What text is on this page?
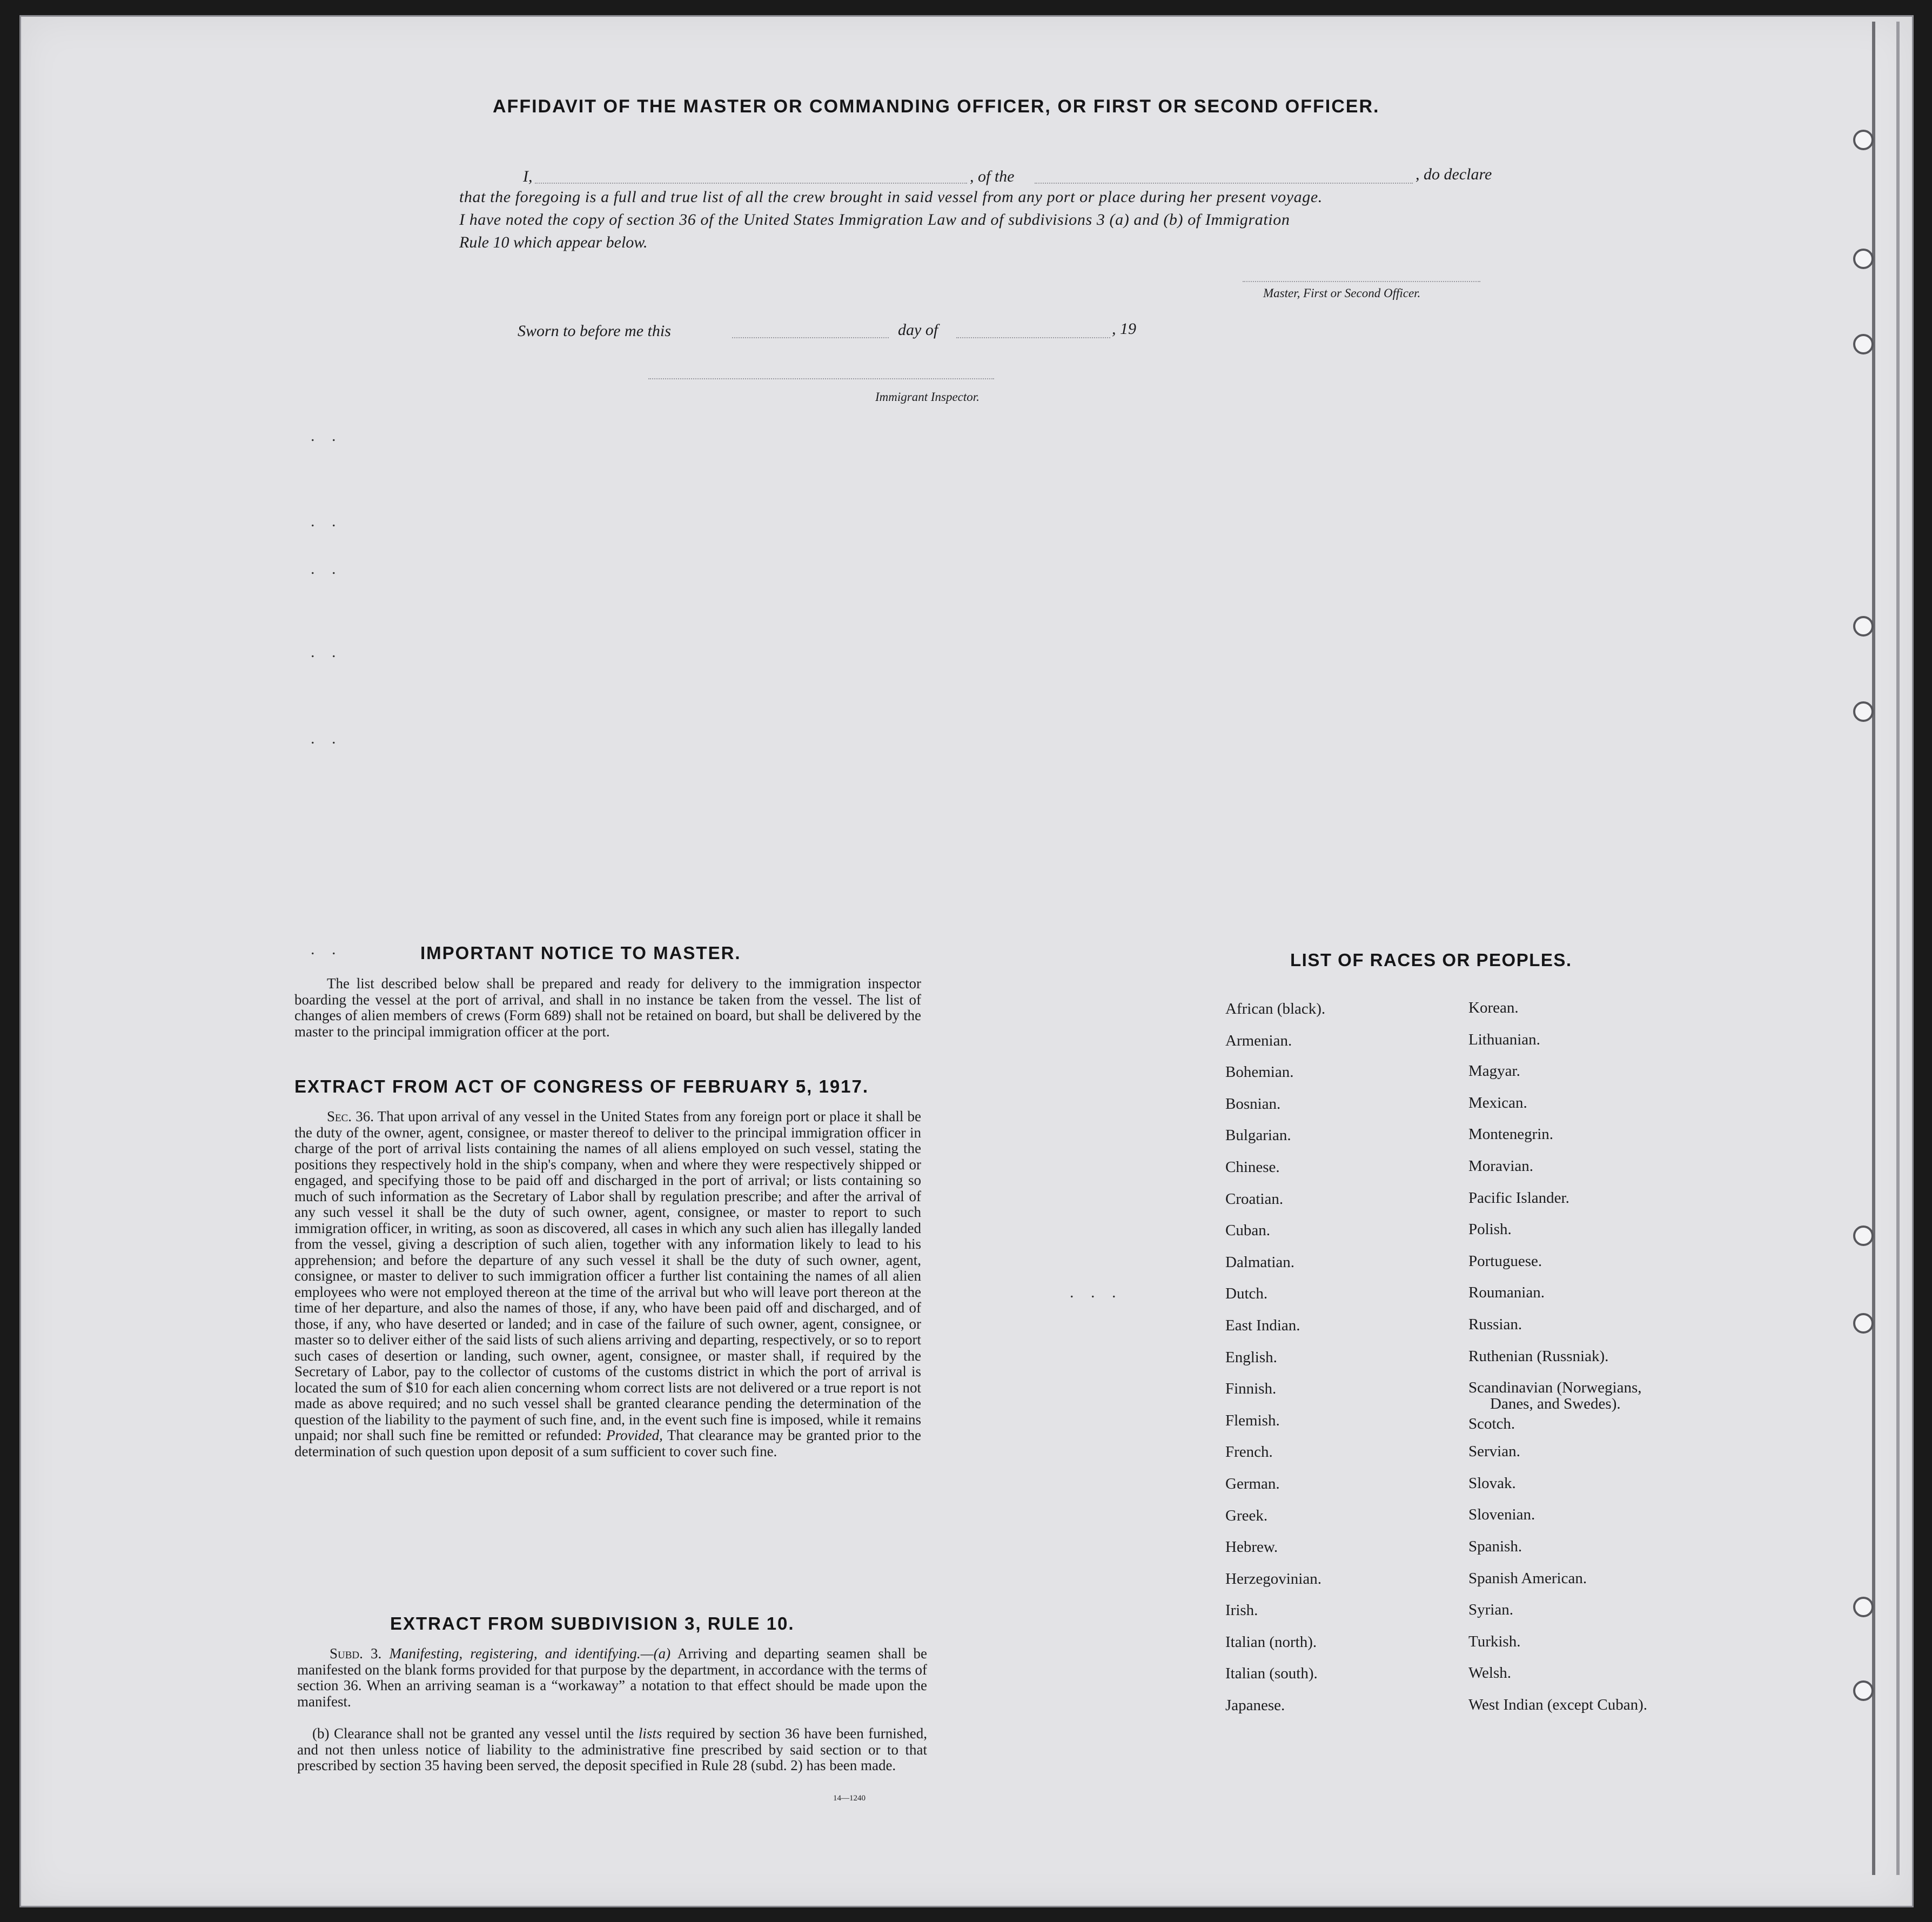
AFFIDAVIT OF THE MASTER OR COMMANDING OFFICER, OR FIRST OR SECOND OFFICER.
I,	, of the	, do declare
that the foregoing is a full and true list of all the crew brought in said vessel from any port or place during her present voyage.
I have noted the copy of section 36 of the United States Immigration Law and of subdivisions 3 (a) and (b) of Immigration
Rule 10 which appear below.
Master, First or Second Officer.
Sworn to before me this	day of	, 19
Immigrant Inspector.
. .
. .
. .
. .
. .
. .
. . .
IMPORTANT NOTICE TO MASTER.
The list described below shall be prepared and ready for delivery to the immigration inspector boarding the vessel at the port of arrival, and shall in no instance be taken from the vessel. The list of changes of alien members of crews (Form 689) shall not be retained on board, but shall be delivered by the master to the principal immigration officer at the port.
EXTRACT FROM ACT OF CONGRESS OF FEBRUARY 5, 1917.
Sec. 36. That upon arrival of any vessel in the United States from any foreign port or place it shall be the duty of the owner, agent, consignee, or master thereof to deliver to the principal immigration officer in charge of the port of arrival lists containing the names of all aliens employed on such vessel, stating the positions they respectively hold in the ship's company, when and where they were respectively shipped or engaged, and specifying those to be paid off and discharged in the port of arrival; or lists containing so much of such information as the Secretary of Labor shall by regulation prescribe; and after the arrival of any such vessel it shall be the duty of such owner, agent, consignee, or master to report to such immigration officer, in writing, as soon as discovered, all cases in which any such alien has illegally landed from the vessel, giving a description of such alien, together with any information likely to lead to his apprehension; and before the departure of any such vessel it shall be the duty of such owner, agent, consignee, or master to deliver to such immigration officer a further list containing the names of all alien employees who were not employed thereon at the time of the arrival but who will leave port thereon at the time of her departure, and also the names of those, if any, who have been paid off and discharged, and of those, if any, who have deserted or landed; and in case of the failure of such owner, agent, consignee, or master so to deliver either of the said lists of such aliens arriving and departing, respectively, or so to report such cases of desertion or landing, such owner, agent, consignee, or master shall, if required by the Secretary of Labor, pay to the collector of customs of the customs district in which the port of arrival is located the sum of $10 for each alien concerning whom correct lists are not delivered or a true report is not made as above required; and no such vessel shall be granted clearance pending the determination of the question of the liability to the payment of such fine, and, in the event such fine is imposed, while it remains unpaid; nor shall such fine be remitted or refunded: Provided, That clearance may be granted prior to the determination of such question upon deposit of a sum sufficient to cover such fine.
EXTRACT FROM SUBDIVISION 3, RULE 10.
Subd. 3. Manifesting, registering, and identifying.—(a) Arriving and departing seamen shall be manifested on the blank forms provided for that purpose by the department, in accordance with the terms of section 36. When an arriving seaman is a “workaway” a notation to that effect should be made upon the manifest.
(b) Clearance shall not be granted any vessel until the lists required by section 36 have been furnished, and not then unless notice of liability to the administrative fine prescribed by said section or to that prescribed by section 35 having been served, the deposit specified in Rule 28 (subd. 2) has been made.
14—1240
LIST OF RACES OR PEOPLES.
African (black).
Armenian.
Bohemian.
Bosnian.
Bulgarian.
Chinese.
Croatian.
Cuban.
Dalmatian.
Dutch.
East Indian.
English.
Finnish.
Flemish.
French.
German.
Greek.
Hebrew.
Herzegovinian.
Irish.
Italian (north).
Italian (south).
Japanese.
Korean.
Lithuanian.
Magyar.
Mexican.
Montenegrin.
Moravian.
Pacific Islander.
Polish.
Portuguese.
Roumanian.
Russian.
Ruthenian (Russniak).
Scandinavian (Norwegians,
Danes, and Swedes).
Scotch.
Servian.
Slovak.
Slovenian.
Spanish.
Spanish American.
Syrian.
Turkish.
Welsh.
West Indian (except Cuban).
